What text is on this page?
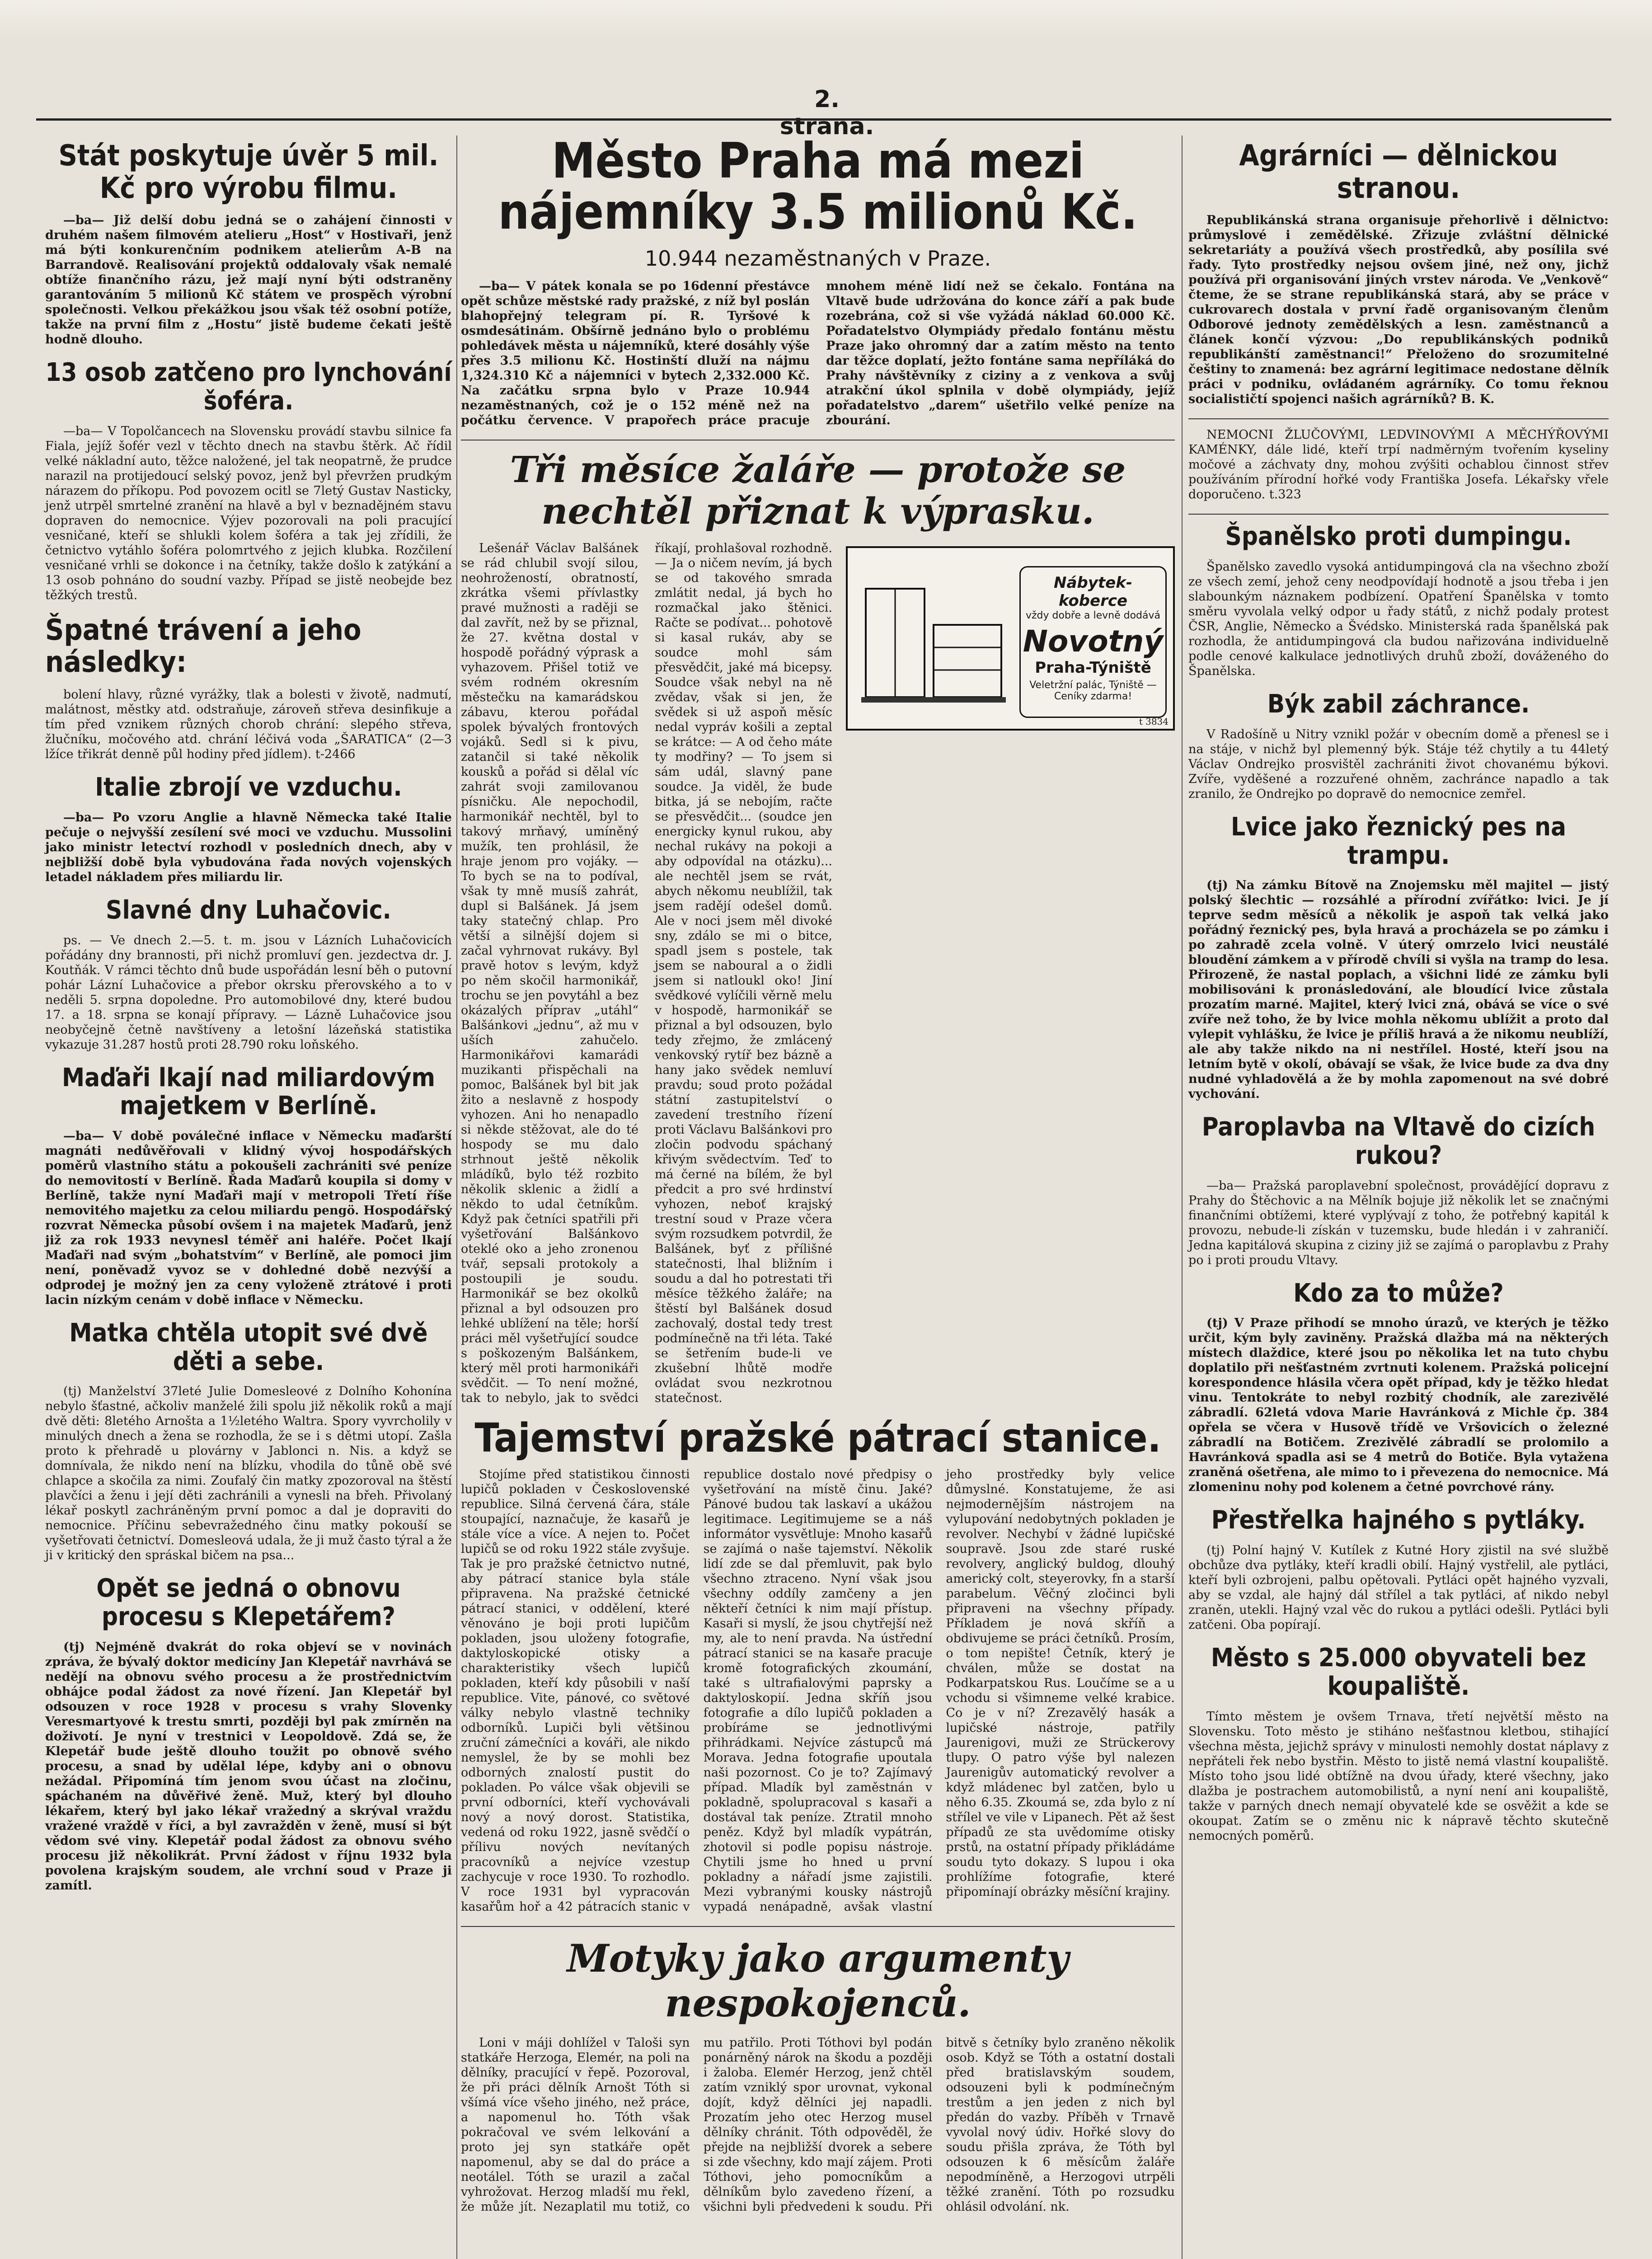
2. strana.
Stát poskytuje úvěr 5 mil. Kč pro výrobu filmu.

—ba— Již delší dobu jedná se o zahájení činnosti v druhém našem filmovém atelieru „Host“ v Hostivaři, jenž má býti konkurenčním podnikem atelierům A-B na Barrandově. Realisování projektů oddalovaly však nemalé obtíže finančního rázu, jež mají nyní býti odstraněny garantováním 5 milionů Kč státem ve prospěch výrobní společnosti. Velkou překážkou jsou však též osobní potíže, takže na první film z „Hostu“ jistě budeme čekati ještě hodně dlouho.

13 osob zatčeno pro lynchování šoféra.

—ba— V Topolčancech na Slovensku provádí stavbu silnice fa Fiala, jejíž šofér vezl v těchto dnech na stavbu štěrk. Ač řídil velké nákladní auto, těžce naložené, jel tak neopatrně, že prudce narazil na protijedoucí selský povoz, jenž byl převržen prudkým nárazem do příkopu. Pod povozem ocitl se 7letý Gustav Nasticky, jenž utrpěl smrtelné zranění na hlavě a byl v beznadějném stavu dopraven do nemocnice. Výjev pozorovali na poli pracující vesničané, kteří se shlukli kolem šoféra a tak jej zřídili, že četnictvo vytáhlo šoféra polomrtvého z jejich klubka. Rozčilení vesničané vrhli se dokonce i na četníky, takže došlo k zatýkání a 13 osob pohnáno do soudní vazby. Případ se jistě neobejde bez těžkých trestů.

Špatné trávení a jeho následky:

bolení hlavy, různé vyrážky, tlak a bolesti v životě, nadmutí, malátnost, městky atd. odstraňuje, zároveň střeva desinfikuje a tím před vznikem různých chorob chrání: slepého střeva, žlučníku, močového atd. chrání léčivá voda „ŠARATICA“ (2—3 lžíce třikrát denně půl hodiny před jídlem). t-2466

Italie zbrojí ve vzduchu.

—ba— Po vzoru Anglie a hlavně Německa také Italie pečuje o nejvyšší zesílení své moci ve vzduchu. Mussolini jako ministr letectví rozhodl v posledních dnech, aby v nejbližší době byla vybudována řada nových vojenských letadel nákladem přes miliardu lir.

Slavné dny Luhačovic.

ps. — Ve dnech 2.—5. t. m. jsou v Lázních Luhačovicích pořádány dny brannosti, při nichž promluví gen. jezdectva dr. J. Koutňák. V rámci těchto dnů bude uspořádán lesní běh o putovní pohár Lázní Luhačovice a přebor okrsku přerovského a to v neděli 5. srpna dopoledne. Pro automobilové dny, které budou 17. a 18. srpna se konají přípravy. — Lázně Luhačovice jsou neobyčejně četně navštíveny a letošní lázeňská statistika vykazuje 31.287 hostů proti 28.790 roku loňského.

Maďaři lkají nad miliardovým majetkem v Berlíně.

—ba— V době poválečné inflace v Německu maďarští magnáti nedůvěřovali v klidný vývoj hospodářských poměrů vlastního státu a pokoušeli zachrániti své peníze do nemovitostí v Berlíně. Řada Maďarů koupila si domy v Berlíně, takže nyní Maďaři mají v metropoli Třetí říše nemovitého majetku za celou miliardu pengö. Hospodářský rozvrat Německa působí ovšem i na majetek Maďarů, jenž již za rok 1933 nevynesl téměř ani haléře. Počet lkají Maďaři nad svým „bohatstvím“ v Berlíně, ale pomoci jim není, poněvadž vyvoz se v dohledné době nezvýší a odprodej je možný jen za ceny vyloženě ztrátové i proti lacin nízkým cenám v době inflace v Německu.

Matka chtěla utopit své dvě děti a sebe.

(tj) Manželství 37leté Julie Domesleové z Dolního Kohonína nebylo šťastné, ačkoliv manželé žili spolu již několik roků a mají dvě děti: 8letého Arnošta a 1½letého Waltra. Spory vyvrcholily v minulých dnech a žena se rozhodla, že se i s dětmi utopí. Zašla proto k přehradě u plovárny v Jablonci n. Nis. a když se domnívala, že nikdo není na blízku, vhodila do tůně obě své chlapce a skočila za nimi. Zoufalý čin matky zpozoroval na štěstí plavčíci a ženu i její děti zachránili a vynesli na břeh. Přivolaný lékař poskytl zachráněným první pomoc a dal je dopraviti do nemocnice. Příčinu sebevražedného činu matky pokouší se vyšetřovati četnictví. Domesleová udala, že ji muž často týral a že ji v kritický den spráskal bičem na psa...

Opět se jedná o obnovu procesu s Klepetářem?

(tj) Nejméně dvakrát do roka objeví se v novinách zpráva, že bývalý doktor medicíny Jan Klepetář navrhává se nedějí na obnovu svého procesu a že prostřednictvím obhájce podal žádost za nové řízení. Jan Klepetář byl odsouzen v roce 1928 v procesu s vrahy Slovenky Veresmartyové k trestu smrti, později byl pak zmírněn na doživotí. Je nyní v trestnici v Leopoldově. Zdá se, že Klepetář bude ještě dlouho toužit po obnově svého procesu, a snad by udělal lépe, kdyby ani o obnovu nežádal. Připomíná tím jenom svou účast na zločinu, spáchaném na důvěřivé ženě. Muž, který byl dlouho lékařem, který byl jako lékař vražedný a skrýval vraždu vražené vraždě v říci, a byl zavražděn v ženě, musí si být vědom své viny. Klepetář podal žádost za obnovu svého procesu již několikrát. První žádost v říjnu 1932 byla povolena krajským soudem, ale vrchní soud v Praze ji zamítl.

Město Praha má mezi nájemníky 3.5 milionů Kč.
10.944 nezaměstnaných v Praze.

—ba— V pátek konala se po 16denní přestávce opět schůze městské rady pražské, z níž byl poslán blahopřejný telegram pí. R. Tyršové k osmdesátinám. Obšírně jednáno bylo o problému pohledávek města u nájemníků, které dosáhly výše přes 3.5 milionu Kč. Hostinští dluží na nájmu 1,324.310 Kč a nájemníci v bytech 2,332.000 Kč. Na začátku srpna bylo v Praze 10.944 nezaměstnaných, což je o 152 méně než na počátku července. V prapořech práce pracuje mnohem méně lidí než se čekalo. Fontána na Vltavě bude udržována do konce září a pak bude rozebrána, což si vše vyžádá náklad 60.000 Kč. Pořadatelstvo Olympiády předalo fontánu městu Praze jako ohromný dar a zatím město na tento dar těžce doplatí, ježto fontáne sama nepříláká do Prahy návštěvníky z ciziny a z venkova a svůj atrakční úkol splnila v době olympiády, jejíž pořadatelstvo „darem“ ušetřilo velké peníze na zbourání.

Tři měsíce žaláře — protože se nechtěl přiznat k výprasku.
Nábytek-koberce
vždy dobře a levně dodává
Novotný
Praha-Týniště
Veletržní palác, Týniště — Ceníky zdarma!
t 3834

Lešenář Václav Balšánek se rád chlubil svojí silou, neohrožeností, obratností, zkrátka všemi přívlastky pravé mužnosti a raději se dal zavřít, než by se přiznal, že 27. května dostal v hospodě pořádný výprask a vyhazovem. Přišel totiž ve svém rodném okresním městečku na kamarádskou zábavu, kterou pořádal spolek bývalých frontových vojáků. Sedl si k pivu, zatančil si také několik kousků a pořád si dělal víc zahrát svoji zamilovanou písničku. Ale nepochodil, harmonikář nechtěl, byl to takový mrňavý, umíněný mužík, ten prohlásil, že hraje jenom pro vojáky. — To bych se na to podíval, však ty mně musíš zahrát, dupl si Balšánek. Já jsem taky statečný chlap. Pro větší a silnější dojem si začal vyhrnovat rukávy. Byl pravě hotov s levým, když po něm skočil harmonikář, trochu se jen povytáhl a bez okázalých příprav „utáhl“ Balšánkovi „jednu“, až mu v uších zahučelo. Harmonikářovi kamarádi muzikanti přispěchali na pomoc, Balšánek byl bit jak žito a neslavně z hospody vyhozen. Ani ho nenapadlo si někde stěžovat, ale do té hospody se mu dalo strhnout ještě několik mládíků, bylo též rozbito několik sklenic a židlí a někdo to udal četníkům. Když pak četníci spatřili při vyšetřování Balšánkovo oteklé oko a jeho zronenou tvář, sepsali protokoly a postoupili je soudu. Harmonikář se bez okolků přiznal a byl odsouzen pro lehké ublížení na těle; horší práci měl vyšetřující soudce s poškozeným Balšánkem, který měl proti harmonikáři svědčit. — To není možné, tak to nebylo, jak to svědci říkají, prohlašoval rozhodně. — Ja o ničem nevím, já bych se od takového smrada zmlátit nedal, já bych ho rozmačkal jako štěnici. Račte se podívat... pohotově si kasal rukáv, aby se soudce mohl sám přesvědčit, jaké má bicepsy. Soudce však nebyl na ně zvědav, však si jen, že svědek si už aspoň měsíc nedal vypráv košili a zeptal se krátce: — A od čeho máte ty modřiny? — To jsem si sám udál, slavný pane soudce. Ja viděl, že bude bitka, já se nebojím, račte se přesvědčit... (soudce jen energicky kynul rukou, aby nechal rukávy na pokoji a aby odpovídal na otázku)... ale nechtěl jsem se rvát, abych někomu neublížil, tak jsem radějí odešel domů. Ale v noci jsem měl divoké sny, zdálo se mi o bitce, spadl jsem s postele, tak jsem se naboural a o židli jsem si natloukl oko! Jiní svědkové vylíčili věrně melu v hospodě, harmonikář se přiznal a byl odsouzen, bylo tedy zřejmo, že zmlácený venkovský rytíř bez bázně a hany jako svědek nemluví pravdu; soud proto požádal státní zastupitelství o zavedení trestního řízení proti Václavu Balšánkovi pro zločin podvodu spáchaný křivým svědectvím. Teď to má černé na bílém, že byl předcit a pro své hrdinství vyhozen, neboť krajský trestní soud v Praze včera svým rozsudkem potvrdil, že Balšánek, byť z přílišné statečnosti, lhal bližním i soudu a dal ho potrestati tři měsíce těžkého žaláře; na štěstí byl Balšánek dosud zachovalý, dostal tedy trest podmínečně na tři léta. Také se šetřením bude-li ve zkušební lhůtě modře ovládat svou nezkrotnou statečnost.

Tajemství pražské pátrací stanice.

Stojíme před statistikou činnosti lupičů pokladen v Československé republice. Silná červená čára, stále stoupající, naznačuje, že kasařů je stále více a více. A nejen to. Počet lupičů se od roku 1922 stále zvyšuje. Tak je pro pražské četnictvo nutné, aby pátrací stanice byla stále připravena. Na pražské četnické pátrací stanici, v oddělení, které věnováno je boji proti lupičům pokladen, jsou uloženy fotografie, daktyloskopické otisky a charakteristiky všech lupičů pokladen, kteří kdy působili v naší republice. Vite, pánové, co světové války nebylo vlastně techniky odborníků. Lupiči byli většinou zruční zámečníci a kováři, ale nikdo nemyslel, že by se mohli bez odborných znalostí pustit do pokladen. Po válce však objevili se první odborníci, kteří vychovávali nový a nový dorost. Statistika, vedená od roku 1922, jasně svědčí o přílivu nových nevítaných pracovníků a nejvíce vzestup zachycuje v roce 1930. To rozhodlo. V roce 1931 byl vypracován kasařům hoř a 42 pátracích stanic v republice dostalo nové předpisy o vyšetřování na místě činu. Jaké? Pánové budou tak laskaví a ukážou legitimace. Legitimujeme se a náš informátor vysvětluje: Mnoho kasařů se zajímá o naše tajemství. Několik lidí zde se dal přemluvit, pak bylo všechno ztraceno. Nyní však jsou všechny oddíly zamčeny a jen někteří četníci k nim mají přístup. Kasaři si myslí, že jsou chytřejší než my, ale to není pravda. Na ústřední pátrací stanici se na kasaře pracuje kromě fotografických zkoumání, také s ultrafialovými paprsky a daktyloskopií. Jedna skříň jsou fotografie a dílo lupičů pokladen a probíráme se jednotlivými přihrádkami. Nejvíce zástupců má Morava. Jedna fotografie upoutala naši pozornost. Co je to? Zajímavý případ. Mladík byl zaměstnán v pokladně, spolupracoval s kasaři a dostával tak peníze. Ztratil mnoho peněz. Když byl mladík vypátrán, zhotovil si podle popisu nástroje. Chytili jsme ho hned u první pokladny a nářadí jsme zajistili. Mezi vybranými kousky nástrojů vypadá nenápadně, avšak vlastní jeho prostředky byly velice důmyslné. Konstatujeme, že asi nejmodernějším nástrojem na vylupování nedobytných pokladen je revolver. Nechybí v žádné lupičské soupravě. Jsou zde staré ruské revolvery, anglický buldog, dlouhý americký colt, steyerovky, fn a starší parabelum. Věčný zločinci byli připraveni na všechny případy. Příkladem je nová skříň a obdivujeme se práci četníků. Prosím, o tom nepište! Četník, který je chválen, může se dostat na Podkarpatskou Rus. Loučíme se a u vchodu si všimneme velké krabice. Co je v ní? Zrezavělý hasák a lupičské nástroje, patřily Jaurenigovi, muži ze Strückerovy tlupy. O patro výše byl nalezen Jaurenigův automatický revolver a když mládenec byl zatčen, bylo u něho 6.35. Zkoumá se, zda bylo z ní střílel ve vile v Lipanech. Pět až šest případů ze sta uvědomíme otisky prstů, na ostatní případy přikládáme soudu tyto dokazy. S lupou i oka prohlížíme fotografie, které připomínají obrázky měsíční krajiny.

Motyky jako argumenty nespokojenců.

Loni v máji dohlížel v Taloši syn statkáře Herzoga, Elemér, na poli na dělníky, pracující v řepě. Pozoroval, že při práci dělník Arnošt Tóth si všímá více všeho jiného, než práce, a napomenul ho. Tóth však pokračoval ve svém lelkování a proto jej syn statkáře opět napomenul, aby se dal do práce a neotálel. Tóth se urazil a začal vyhrožovat. Herzog mladší mu řekl, že může jít. Nezaplatil mu totiž, co mu patřilo. Proti Tóthovi byl podán ponárněný nárok na škodu a později i žaloba. Elemér Herzog, jenž chtěl zatím vzniklý spor urovnat, vykonal dojít, když dělníci jej napadli. Prozatím jeho otec Herzog musel dělníky chránit. Tóth odpověděl, že přejde na nejbližší dvorek a sebere si zde všechny, kdo mají zájem. Proti Tóthovi, jeho pomocníkům a dělníkům bylo zavedeno řízení, a všichni byli předvedeni k soudu. Při bitvě s četníky bylo zraněno několik osob. Když se Tóth a ostatní dostali před bratislavským soudem, odsouzeni byli k podmínečným trestům a jen jeden z nich byl předán do vazby. Příběh v Trnavě vyvolal nový údiv. Hořké slovy do soudu přišla zpráva, že Tóth byl odsouzen k 6 měsícům žaláře nepodmíněně, a Herzogovi utrpěli těžké zranění. Tóth po rozsudku ohlásil odvolání. nk.

Agrárníci — dělnickou stranou.

Republikánská strana organisuje přehorlivě i dělnictvo: průmyslové i zemědělské. Zřizuje zvláštní dělnické sekretariáty a používá všech prostředků, aby posílila své řady. Tyto prostředky nejsou ovšem jiné, než ony, jichž používá při organisování jiných vrstev národa. Ve „Venkově“ čteme, že se strane republikánská stará, aby se práce v cukrovarech dostala v první řadě organisovaným členům Odborové jednoty zemědělských a lesn. zaměstnanců a článek končí výzvou: „Do republikánských podniků republikánští zaměstnanci!“ Přeloženo do srozumitelné češtiny to znamená: bez agrární legitimace nedostane dělník práci v podniku, ovládaném agrárníky. Co tomu řeknou socialističtí spojenci našich agrárníků? B. K.

NEMOCNI ŽLUČOVÝMI, LEDVINOVÝMI A MĚCHÝŘOVÝMI KAMÉNKY, dále lidé, kteří trpí nadměrným tvořením kyseliny močové a záchvaty dny, mohou zvýšiti ochablou činnost střev používáním přírodní hořké vody Františka Josefa. Lékařsky vřele doporučeno. t.323

Španělsko proti dumpingu.

Španělsko zavedlo vysoká antidumpingová cla na všechno zboží ze všech zemí, jehož ceny neodpovídají hodnotě a jsou třeba i jen slabounkým náznakem podbízení. Opatření Španělska v tomto směru vyvolala velký odpor u řady států, z nichž podaly protest ČSR, Anglie, Německo a Švédsko. Ministerská rada španělská pak rozhodla, že antidumpingová cla budou nařizována individuelně podle cenové kalkulace jednotlivých druhů zboží, dováženého do Španělska.

Býk zabil záchrance.

V Radošíně u Nitry vznikl požár v obecním domě a přenesl se i na stáje, v nichž byl plemenný býk. Stáje též chytily a tu 44letý Václav Ondrejko prosvištěl zachrániti život chovanému býkovi. Zvíře, vyděšené a rozzuřené ohněm, zachránce napadlo a tak zranilo, že Ondrejko po dopravě do nemocnice zemřel.

Lvice jako řeznický pes na trampu.

(tj) Na zámku Bítově na Znojemsku měl majitel — jistý polský šlechtic — rozsáhlé a přírodní zvířátko: lvici. Je jí teprve sedm měsíců a několik je aspoň tak velká jako pořádný řeznický pes, byla hravá a procházela se po zámku i po zahradě zcela volně. V úterý omrzelo lvici neustálé bloudění zámkem a v přírodě chvíli si vyšla na tramp do lesa. Přirozeně, že nastal poplach, a všichni lidé ze zámku byli mobilisováni k pronásledování, ale bloudící lvice zůstala prozatím marné. Majitel, který lvici zná, obává se více o své zvíře než toho, že by lvice mohla někomu ublížit a proto dal vylepit vyhlášku, že lvice je příliš hravá a že nikomu neublíží, ale aby takže nikdo na ni nestřílel. Hosté, kteří jsou na letním bytě v okolí, obávají se však, že lvice bude za dva dny nudné vyhladovělá a že by mohla zapomenout na své dobré vychování.

Paroplavba na Vltavě do cizích rukou?

—ba— Pražská paroplavební společnost, provádějící dopravu z Prahy do Štěchovic a na Mělník bojuje již několik let se značnými finančními obtížemi, které vyplývají z toho, že potřebný kapitál k provozu, nebude-li získán v tuzemsku, bude hledán i v zahraničí. Jedna kapitálová skupina z ciziny již se zajímá o paroplavbu z Prahy po i proti proudu Vltavy.

Kdo za to může?

(tj) V Praze přihodí se mnoho úrazů, ve kterých je těžko určit, kým byly zaviněny. Pražská dlažba má na některých místech dlaždice, které jsou po několika let na tuto chybu doplatilo při nešťastném zvrtnuti kolenem. Pražská policejní korespondence hlásila včera opět případ, kdy je těžko hledat vinu. Tentokráte to nebyl rozbitý chodník, ale zarezivělé zábradlí. 62letá vdova Marie Havránková z Michle čp. 384 opřela se včera v Husově třídě ve Vršovicích o železné zábradlí na Botičem. Zrezivělé zábradlí se prolomilo a Havránková spadla asi se 4 metrů do Botiče. Byla vytažena zraněná ošetřena, ale mimo to i převezena do nemocnice. Má zlomeninu nohy pod kolenem a četné povrchové rány.

Přestřelka hajného s pytláky.

(tj) Polní hajný V. Kutílek z Kutné Hory zjistil na své službě obchůze dva pytláky, kteří kradli obilí. Hajný vystřelil, ale pytláci, kteří byli ozbrojeni, palbu opětovali. Pytláci opět hajného vyzvali, aby se vzdal, ale hajný dál střílel a tak pytláci, ať nikdo nebyl zraněn, utekli. Hajný vzal věc do rukou a pytláci odešli. Pytláci byli zatčeni. Oba popírají.

Město s 25.000 obyvateli bez koupaliště.

Tímto městem je ovšem Trnava, třetí největší město na Slovensku. Toto město je stiháno nešťastnou kletbou, stihající všechna města, jejichž správy v minulosti nemohly dostat náplavy z nepřáteli řek nebo bystřin. Město to jistě nemá vlastní koupaliště. Místo toho jsou lidé obtížně na dvou úřady, které všechny, jako dlažba je postrachem automobilistů, a nyní není ani koupaliště, takže v parných dnech nemají obyvatelé kde se osvěžit a kde se okoupat. Zatím se o změnu nic k nápravě těchto skutečně nemocných poměrů.
